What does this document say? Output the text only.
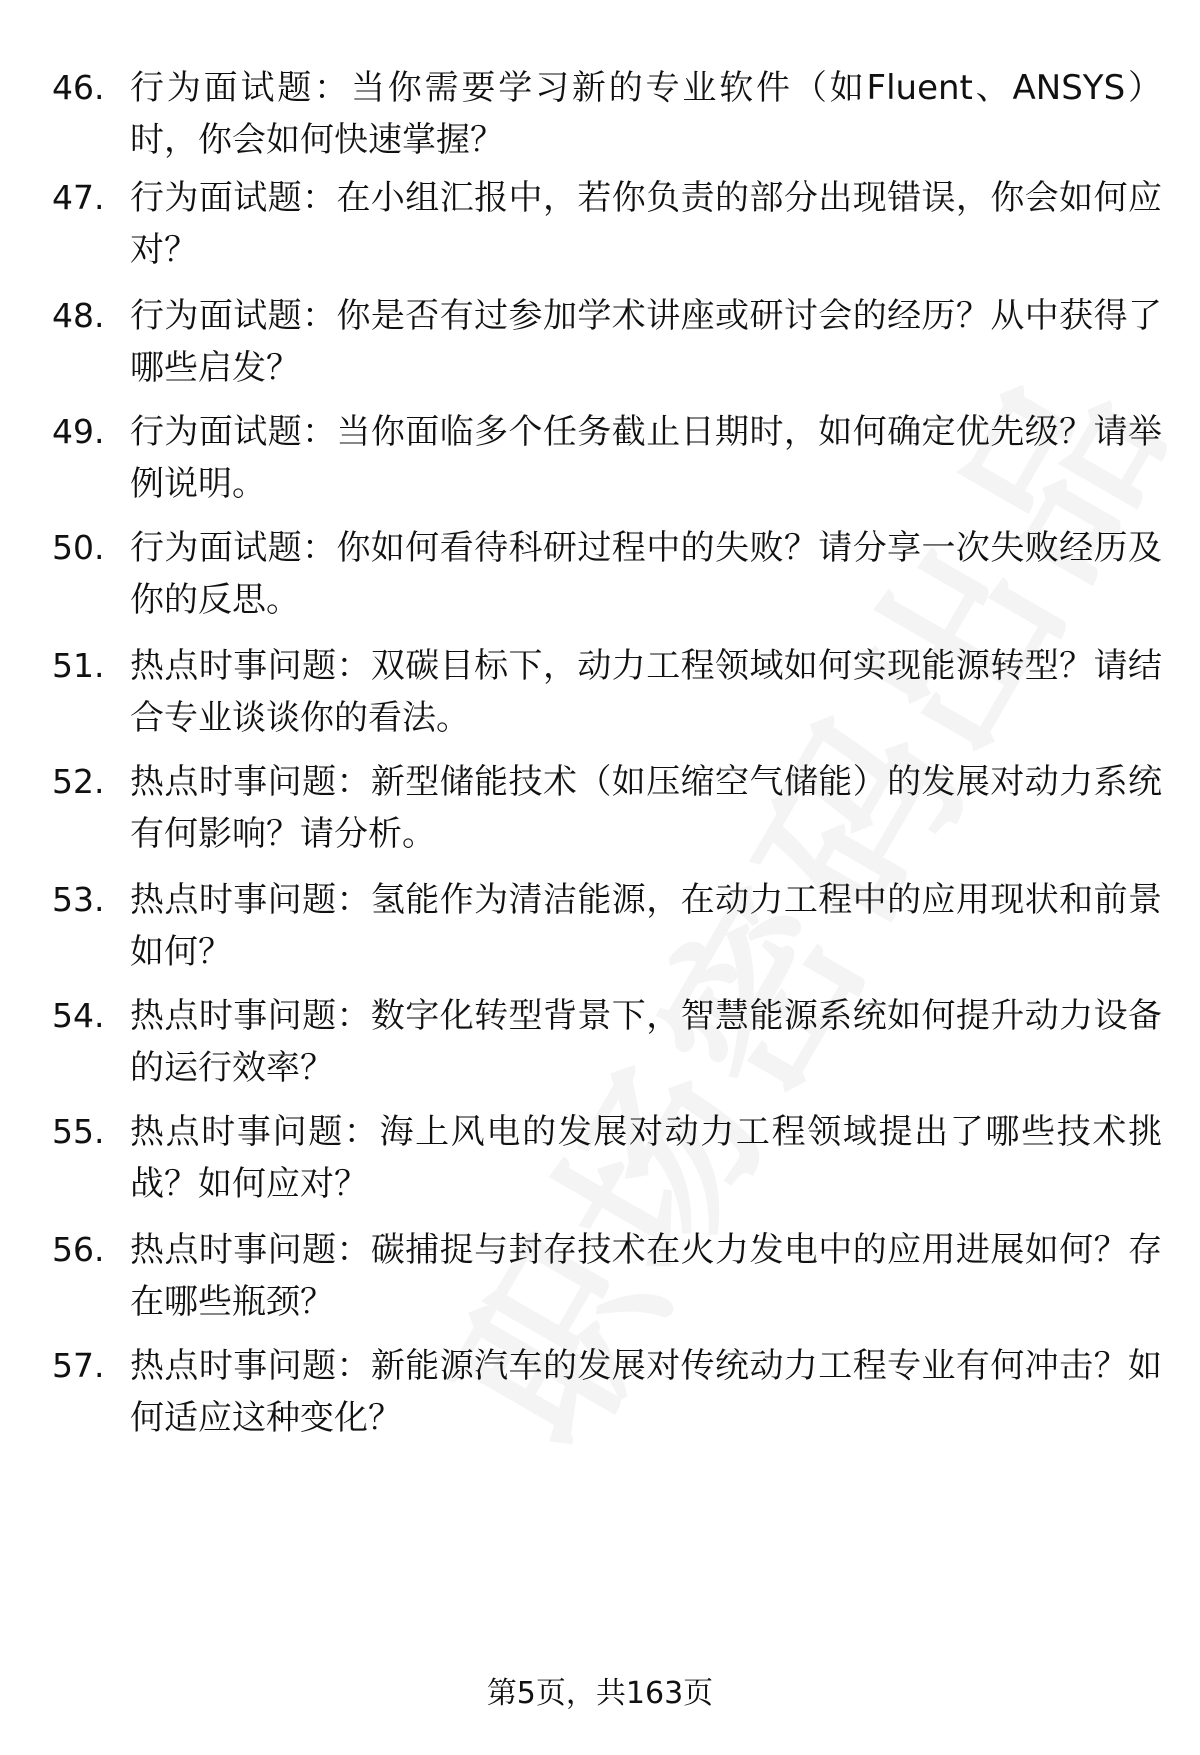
46. 行为面试题：当你需要学习新的专业软件（如Fluent、ANSYS）时，你会如何快速掌握？
47. 行为面试题：在小组汇报中，若你负责的部分出现错误，你会如何应对？
48. 行为面试题：你是否有过参加学术讲座或研讨会的经历？从中获得了哪些启发？
49. 行为面试题：当你面临多个任务截止日期时，如何确定优先级？请举例说明。
50. 行为面试题：你如何看待科研过程中的失败？请分享一次失败经历及你的反思。
51. 热点时事问题：双碳目标下，动力工程领域如何实现能源转型？请结合专业谈谈你的看法。
52. 热点时事问题：新型储能技术（如压缩空气储能）的发展对动力系统有何影响？请分析。
53. 热点时事问题：氢能作为清洁能源，在动力工程中的应用现状和前景如何？
54. 热点时事问题：数字化转型背景下，智慧能源系统如何提升动力设备的运行效率？
55. 热点时事问题：海上风电的发展对动力工程领域提出了哪些技术挑战？如何应对？
56. 热点时事问题：碳捕捉与封存技术在火力发电中的应用进展如何？存在哪些瓶颈？
57. 热点时事问题：新能源汽车的发展对传统动力工程专业有何冲击？如何适应这种变化？
第5页，共163页
